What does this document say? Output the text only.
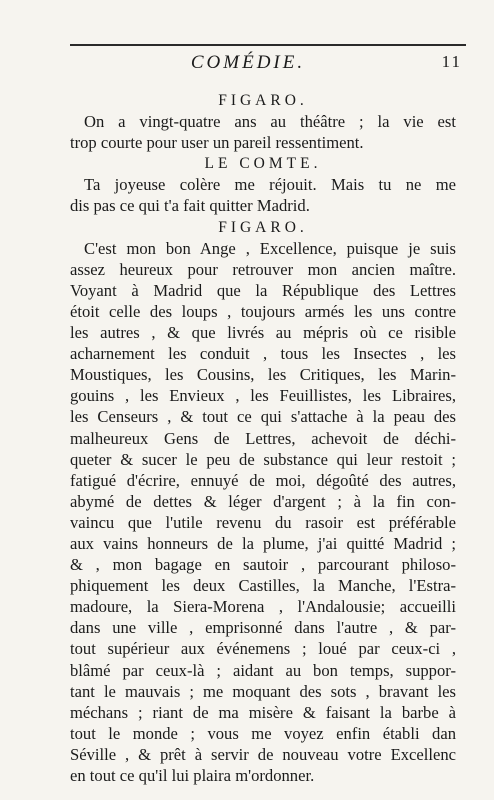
COMÉDIE.	11
FIGARO.
On a vingt-quatre ans au théâtre ; la vie est
trop courte pour user un pareil ressentiment.
LE COMTE.
Ta joyeuse colère me réjouit. Mais tu ne me
dis pas ce qui t'a fait quitter Madrid.
FIGARO.
C'est mon bon Ange , Excellence, puisque je suis
assez heureux pour retrouver mon ancien maître.
Voyant à Madrid que la République des Lettres
étoit celle des loups , toujours armés les uns contre
les autres , & que livrés au mépris où ce risible
acharnement les conduit , tous les Insectes , les
Moustiques, les Cousins, les Critiques, les Marin-
gouins , les Envieux , les Feuillistes, les Libraires,
les Censeurs , & tout ce qui s'attache à la peau des
malheureux Gens de Lettres, achevoit de déchi-
queter & sucer le peu de substance qui leur restoit ;
fatigué d'écrire, ennuyé de moi, dégoûté des autres,
abymé de dettes & léger d'argent ; à la fin con-
vaincu que l'utile revenu du rasoir est préférable
aux vains honneurs de la plume, j'ai quitté Madrid ;
& , mon bagage en sautoir , parcourant philoso-
phiquement les deux Castilles, la Manche, l'Estra-
madoure, la Siera-Morena , l'Andalousie; accueilli
dans une ville , emprisonné dans l'autre , & par-
tout supérieur aux événemens ; loué par ceux-ci ,
blâmé par ceux-là ; aidant au bon temps, suppor-
tant le mauvais ; me moquant des sots , bravant les
méchans ; riant de ma misère & faisant la barbe à
tout le monde ; vous me voyez enfin établi dan
Séville , & prêt à servir de nouveau votre Excellenc
en tout ce qu'il lui plaira m'ordonner.
